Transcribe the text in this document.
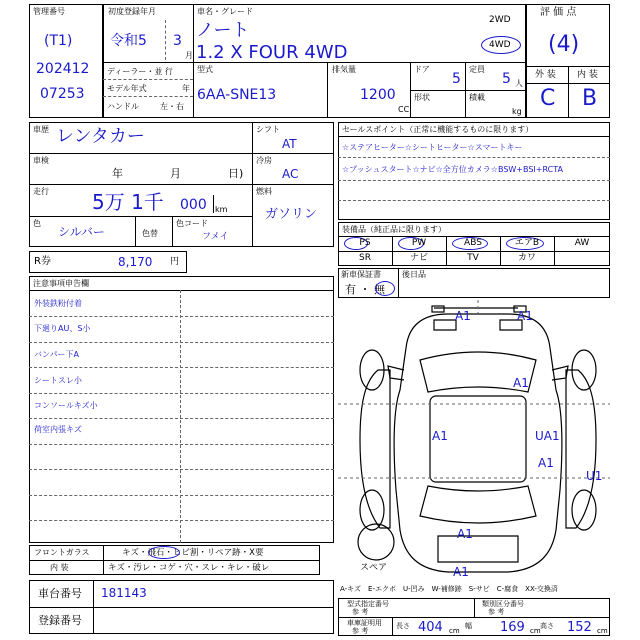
管理番号
(T1)
202412
07253
初度登録年月
令和5 3
月
車名・グレード
ノート
1.2 X FOUR 4WD
2WD
4WD
ディーラー・並 行
モデル年式	年
ハンドル	左・右
型式
6AA-SNE13
排気量
1200
CC
ドア
5
定員
5 人
形状	積載
kg
評 価 点
(4)
外 装 内 装
C B
車歴 レンタカー
車検
年	月	日)
走行 5万 1千 000 km
色
シルバー	色替
色コード
フメイ
シフト
AT
冷房
AC
燃料
ガソリン
セールスポイント（正常に機能するものに限ります）
☆ステアヒーター☆シートヒーター☆スマートキー
☆プッシュスタート☆ナビ☆全方位カメラ☆BSW+BSI+RCTA
装備品（純正品に限ります）
PS	PW	ABS	エアB	AW
SR	ナビ	TV	カワ
新車保証書
有 ・ 無
後日品
R券	8,170 円
注意事項申告欄
外装鉄粉付着
下廻りAU、S小
バンパー下A
シートスレ小
コンソールキズ小
荷室内張キズ
A1	A1
A1
A1	UA1
A1
U1
A1
A1
スペア
フロントガラス	キズ・飛石・ヒビ割・リペア跡・X要
内 装	キズ・汚レ・コゲ・穴・スレ・キレ・破レ
車台番号 181143
登録番号
A-キズ　E-エクボ　U-凹み　W-補修跡　S-サビ　C-腐食　XX-交換済
型式指定番号
参 考
類別区分番号
参 考
車庫証明用
参 考
長さ 404 cm
幅 169 cm
高さ 152 cm
